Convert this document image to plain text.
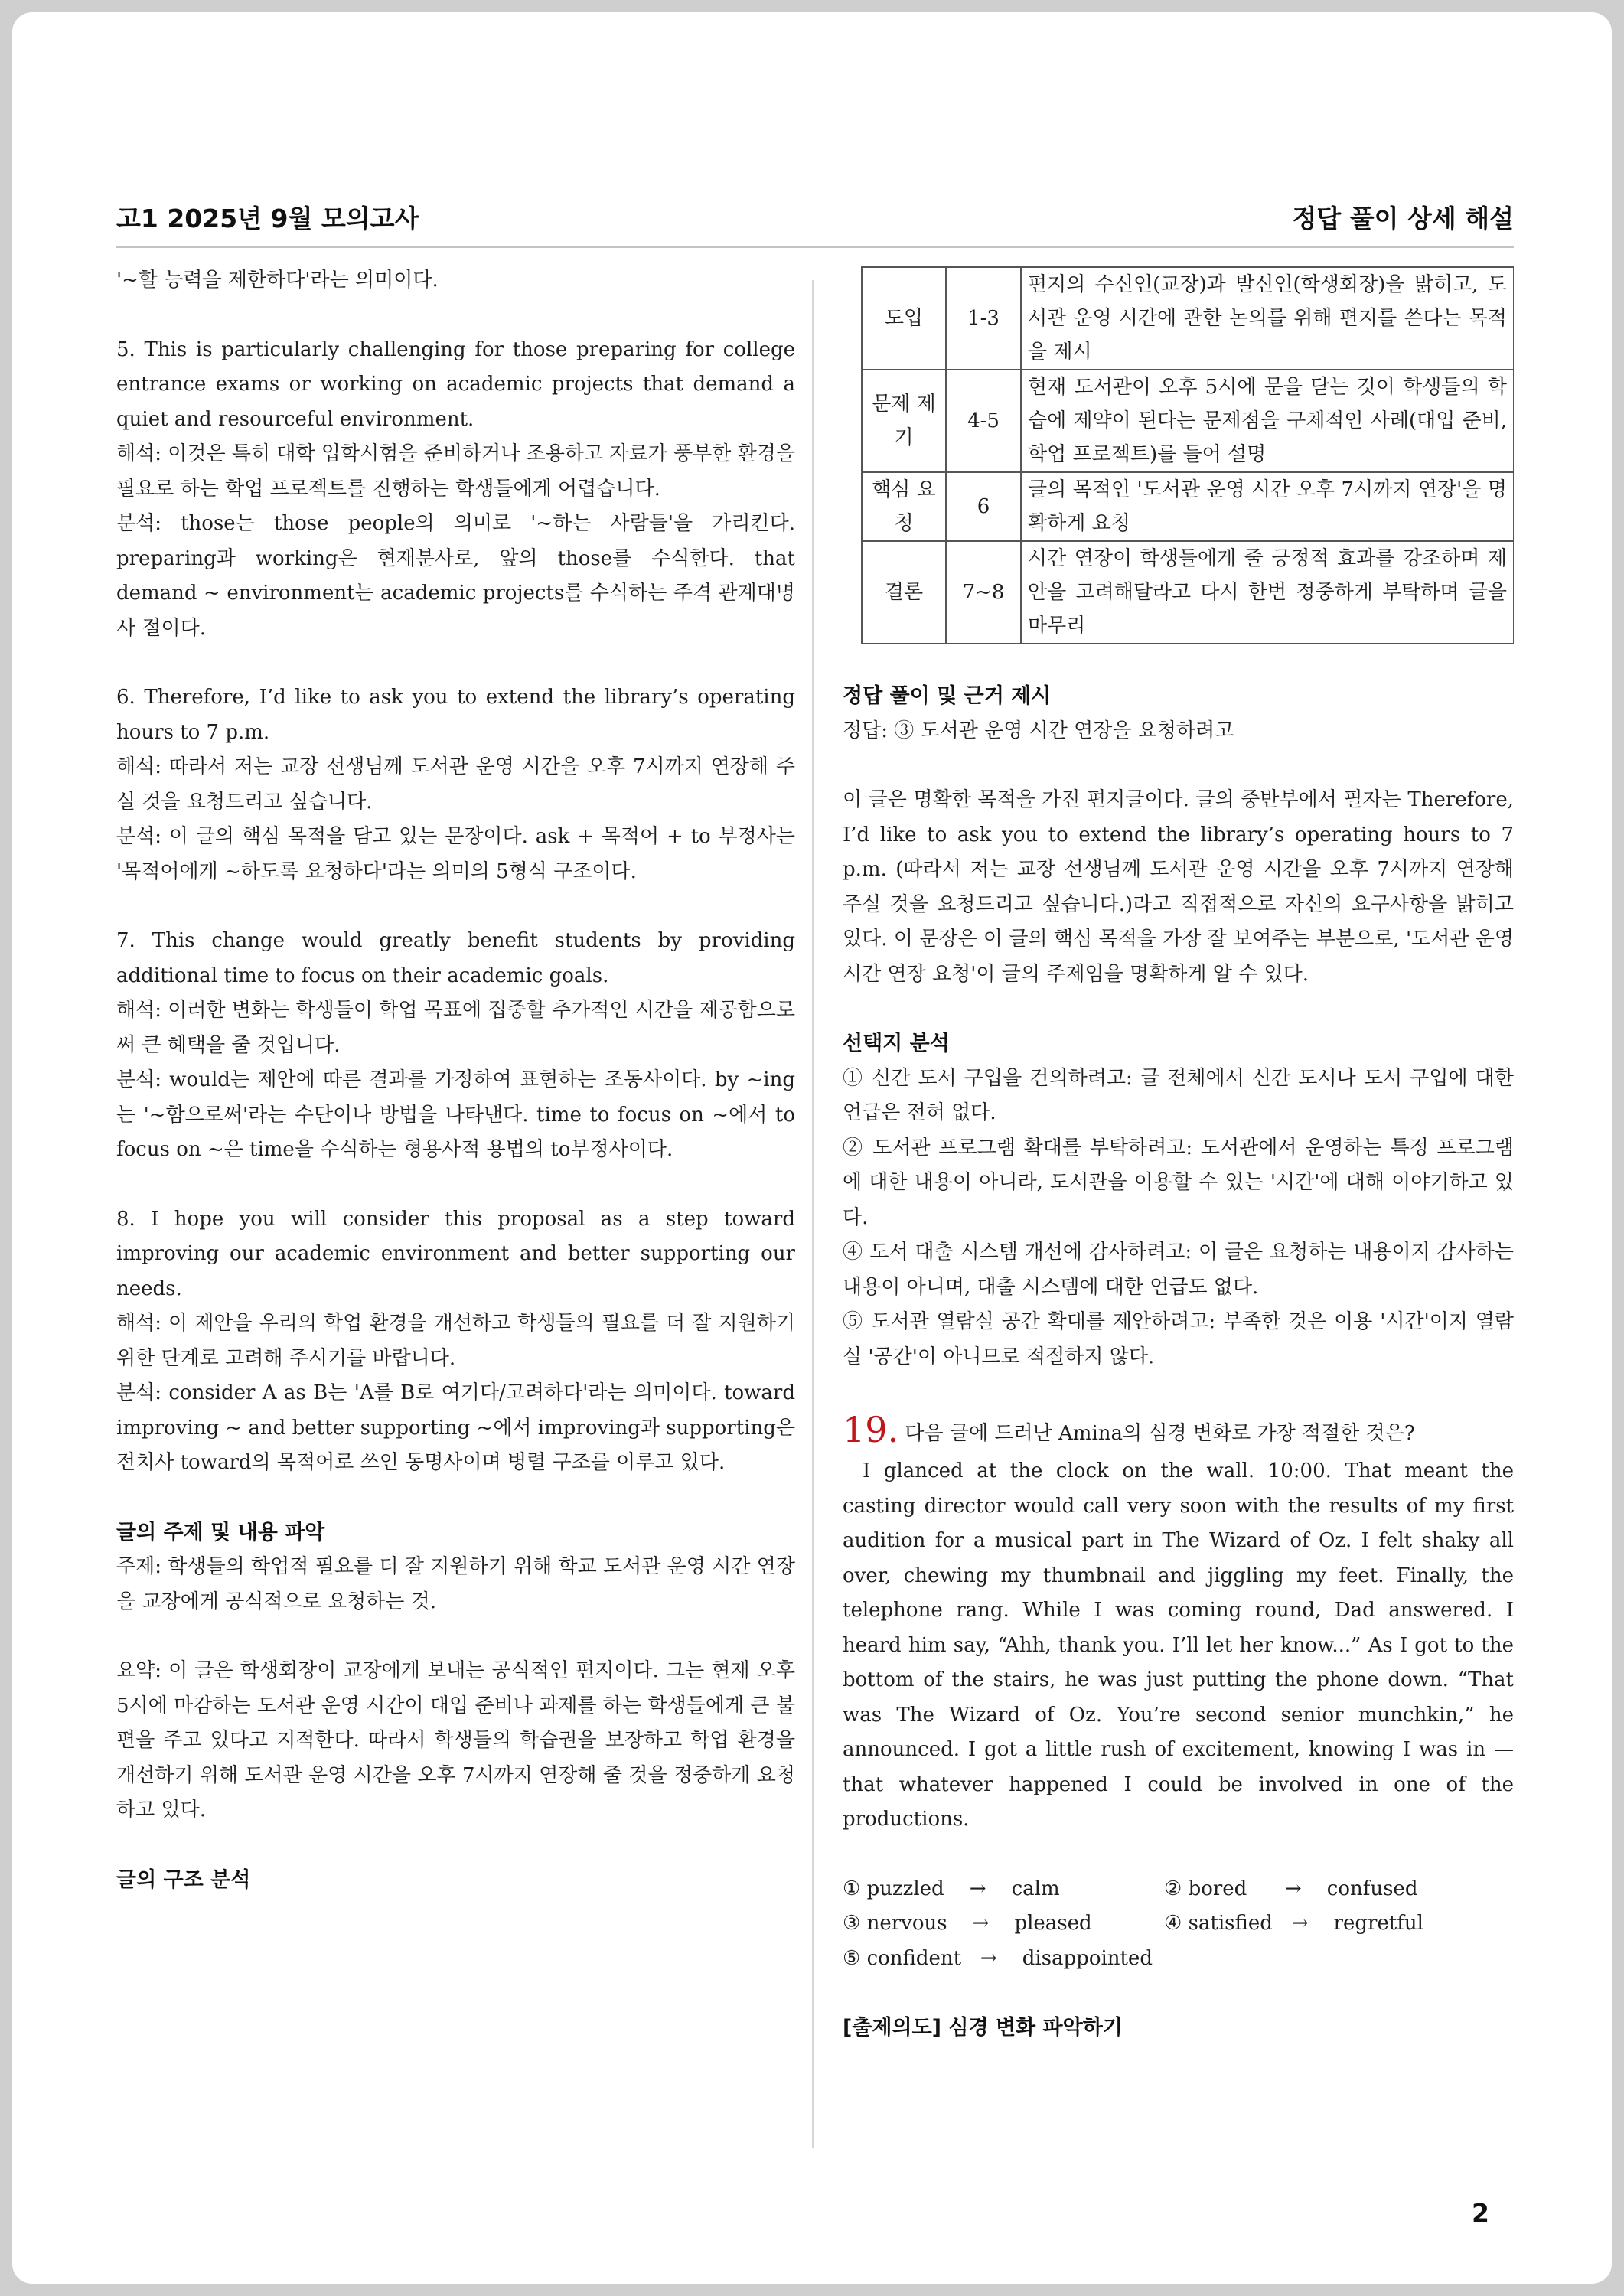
고1 2025년 9월 모의고사	정답 풀이 상세 해설

'~할 능력을 제한하다'라는 의미이다.

5. This is particularly challenging for those preparing for college entrance exams or working on academic projects that demand a quiet and resourceful environment.

해석: 이것은 특히 대학 입학시험을 준비하거나 조용하고 자료가 풍부한 환경을 필요로 하는 학업 프로젝트를 진행하는 학생들에게 어렵습니다.

분석: those는 those people의 의미로 '~하는 사람들'을 가리킨다. preparing과 working은 현재분사로, 앞의 those를 수식한다. that demand ~ environment는 academic projects를 수식하는 주격 관계대명사 절이다.

6. Therefore, I’d like to ask you to extend the library’s operating hours to 7 p.m.

해석: 따라서 저는 교장 선생님께 도서관 운영 시간을 오후 7시까지 연장해 주실 것을 요청드리고 싶습니다.

분석: 이 글의 핵심 목적을 담고 있는 문장이다. ask + 목적어 + to 부정사는 '목적어에게 ~하도록 요청하다'라는 의미의 5형식 구조이다.

7. This change would greatly benefit students by providing additional time to focus on their academic goals.

해석: 이러한 변화는 학생들이 학업 목표에 집중할 추가적인 시간을 제공함으로써 큰 혜택을 줄 것입니다.

분석: would는 제안에 따른 결과를 가정하여 표현하는 조동사이다. by ~ing는 '~함으로써'라는 수단이나 방법을 나타낸다. time to focus on ~에서 to focus on ~은 time을 수식하는 형용사적 용법의 to부정사이다.

8. I hope you will consider this proposal as a step toward improving our academic environment and better supporting our needs.

해석: 이 제안을 우리의 학업 환경을 개선하고 학생들의 필요를 더 잘 지원하기 위한 단계로 고려해 주시기를 바랍니다.

분석: consider A as B는 'A를 B로 여기다/고려하다'라는 의미이다. toward improving ~ and better supporting ~에서 improving과 supporting은 전치사 toward의 목적어로 쓰인 동명사이며 병렬 구조를 이루고 있다.

글의 주제 및 내용 파악

주제: 학생들의 학업적 필요를 더 잘 지원하기 위해 학교 도서관 운영 시간 연장을 교장에게 공식적으로 요청하는 것.

요약: 이 글은 학생회장이 교장에게 보내는 공식적인 편지이다. 그는 현재 오후 5시에 마감하는 도서관 운영 시간이 대입 준비나 과제를 하는 학생들에게 큰 불편을 주고 있다고 지적한다. 따라서 학생들의 학습권을 보장하고 학업 환경을 개선하기 위해 도서관 운영 시간을 오후 7시까지 연장해 줄 것을 정중하게 요청하고 있다.

글의 구조 분석

도입	1-3	편지의 수신인(교장)과 발신인(학생회장)을 밝히고, 도서관 운영 시간에 관한 논의를 위해 편지를 쓴다는 목적을 제시
문제 제기	4-5	현재 도서관이 오후 5시에 문을 닫는 것이 학생들의 학습에 제약이 된다는 문제점을 구체적인 사례(대입 준비, 학업 프로젝트)를 들어 설명
핵심 요청	6	글의 목적인 '도서관 운영 시간 오후 7시까지 연장'을 명확하게 요청
결론	7~8	시간 연장이 학생들에게 줄 긍정적 효과를 강조하며 제안을 고려해달라고 다시 한번 정중하게 부탁하며 글을 마무리

정답 풀이 및 근거 제시

정답: ③ 도서관 운영 시간 연장을 요청하려고

이 글은 명확한 목적을 가진 편지글이다. 글의 중반부에서 필자는 Therefore, I’d like to ask you to extend the library’s operating hours to 7 p.m. (따라서 저는 교장 선생님께 도서관 운영 시간을 오후 7시까지 연장해 주실 것을 요청드리고 싶습니다.)라고 직접적으로 자신의 요구사항을 밝히고 있다. 이 문장은 이 글의 핵심 목적을 가장 잘 보여주는 부분으로, '도서관 운영 시간 연장 요청'이 글의 주제임을 명확하게 알 수 있다.

선택지 분석

① 신간 도서 구입을 건의하려고: 글 전체에서 신간 도서나 도서 구입에 대한 언급은 전혀 없다.

② 도서관 프로그램 확대를 부탁하려고: 도서관에서 운영하는 특정 프로그램에 대한 내용이 아니라, 도서관을 이용할 수 있는 '시간'에 대해 이야기하고 있다.

④ 도서 대출 시스템 개선에 감사하려고: 이 글은 요청하는 내용이지 감사하는 내용이 아니며, 대출 시스템에 대한 언급도 없다.

⑤ 도서관 열람실 공간 확대를 제안하려고: 부족한 것은 이용 '시간'이지 열람실 '공간'이 아니므로 적절하지 않다.

19. 다음 글에 드러난 Amina의 심경 변화로 가장 적절한 것은?

I glanced at the clock on the wall. 10:00. That meant the casting director would call very soon with the results of my first audition for a musical part in The Wizard of Oz. I felt shaky all over, chewing my thumbnail and jiggling my feet. Finally, the telephone rang. While I was coming round, Dad answered. I heard him say, “Ahh, thank you. I’ll let her know...” As I got to the bottom of the stairs, he was just putting the phone down. “That was The Wizard of Oz. You’re second senior munchkin,” he announced. I got a little rush of excitement, knowing I was in — that whatever happened I could be involved in one of the productions.

① puzzled    →    calm	② bored      →    confused
③ nervous    →    pleased	④ satisfied   →    regretful
⑤ confident   →    disappointed

[출제의도] 심경 변화 파악하기

2
